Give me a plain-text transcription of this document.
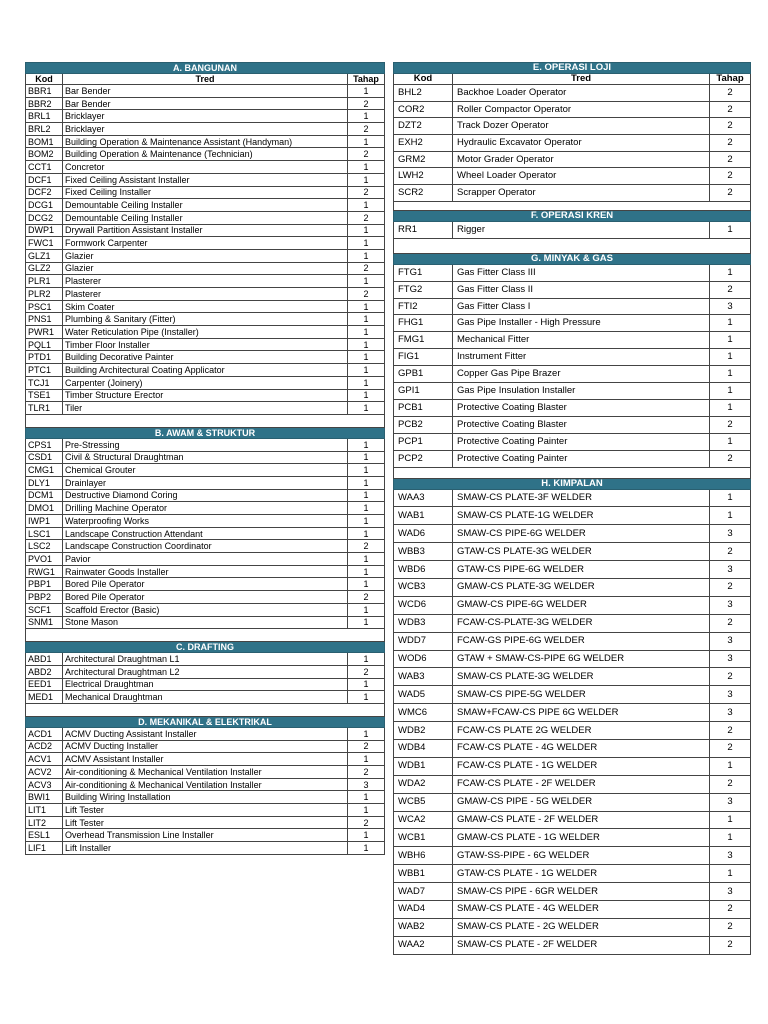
A. BANGUNAN		
Kod	Tred	Tahap
BBR1	Bar Bender	1
BBR2	Bar Bender	2
BRL1	Bricklayer	1
BRL2	Bricklayer	2
BOM1	Building Operation & Maintenance Assistant (Handyman)	1
BOM2	Building Operation & Maintenance (Technician)	2
CCT1	Concretor	1
DCF1	Fixed Ceiling Assistant Installer	1
DCF2	Fixed Ceiling Installer	2
DCG1	Demountable Ceiling Installer	1
DCG2	Demountable Ceiling Installer	2
DWP1	Drywall Partition Assistant Installer	1
FWC1	Formwork Carpenter	1
GLZ1	Glazier	1
GLZ2	Glazier	2
PLR1	Plasterer	1
PLR2	Plasterer	2
PSC1	Skim Coater	1
PNS1	Plumbing & Sanitary (Fitter)	1
PWR1	Water Reticulation Pipe (Installer)	1
PQL1	Timber Floor Installer	1
PTD1	Building Decorative Painter	1
PTC1	Building Architectural Coating Applicator	1
TCJ1	Carpenter (Joinery)	1
TSE1	Timber Structure Erector	1
TLR1	Tiler	1

B. AWAM & STRUKTUR		
CPS1	Pre-Stressing	1
CSD1	Civil & Structural Draughtman	1
CMG1	Chemical Grouter	1
DLY1	Drainlayer	1
DCM1	Destructive Diamond Coring	1
DMO1	Drilling Machine Operator	1
IWP1	Waterproofing Works	1
LSC1	Landscape Construction Attendant	1
LSC2	Landscape Construction Coordinator	2
PVO1	Pavior	1
RWG1	Rainwater Goods Installer	1
PBP1	Bored Pile Operator	1
PBP2	Bored Pile Operator	2
SCF1	Scaffold Erector (Basic)	1
SNM1	Stone Mason	1

C. DRAFTING		
ABD1	Architectural Draughtman L1	1
ABD2	Architectural Draughtman L2	2
EED1	Electrical Draughtman	1
MED1	Mechanical Draughtman	1

D. MEKANIKAL & ELEKTRIKAL		
ACD1	ACMV Ducting Assistant Installer	1
ACD2	ACMV Ducting Installer	2
ACV1	ACMV Assistant Installer	1
ACV2	Air-conditioning & Mechanical Ventilation Installer	2
ACV3	Air-conditioning & Mechanical Ventilation Installer	3
BWI1	Building Wiring Installation	1
LIT1	Lift Tester	1
LIT2	Lift Tester	2
ESL1	Overhead Transmission Line Installer	1
LIF1	Lift Installer	1
E. OPERASI LOJI		
Kod	Tred	Tahap
BHL2	Backhoe Loader Operator	2
COR2	Roller Compactor Operator	2
DZT2	Track Dozer Operator	2
EXH2	Hydraulic Excavator Operator	2
GRM2	Motor Grader Operator	2
LWH2	Wheel Loader Operator	2
SCR2	Scrapper Operator	2

F. OPERASI KREN		
RR1	Rigger	1

G. MINYAK & GAS		
FTG1	Gas Fitter Class III	1
FTG2	Gas Fitter Class II	2
FTI2	Gas Fitter Class I	3
FHG1	Gas Pipe Installer - High Pressure	1
FMG1	Mechanical Fitter	1
FIG1	Instrument Fitter	1
GPB1	Copper Gas Pipe Brazer	1
GPI1	Gas Pipe Insulation Installer	1
PCB1	Protective Coating Blaster	1
PCB2	Protective Coating Blaster	2
PCP1	Protective Coating Painter	1
PCP2	Protective Coating Painter	2

H. KIMPALAN		
WAA3	SMAW-CS PLATE-3F WELDER	1
WAB1	SMAW-CS PLATE-1G WELDER	1
WAD6	SMAW-CS PIPE-6G WELDER	3
WBB3	GTAW-CS PLATE-3G WELDER	2
WBD6	GTAW-CS PIPE-6G WELDER	3
WCB3	GMAW-CS PLATE-3G WELDER	2
WCD6	GMAW-CS PIPE-6G WELDER	3
WDB3	FCAW-CS-PLATE-3G WELDER	2
WDD7	FCAW-GS PIPE-6G WELDER	3
WOD6	GTAW + SMAW-CS-PIPE 6G WELDER	3
WAB3	SMAW-CS PLATE-3G WELDER	2
WAD5	SMAW-CS PIPE-5G WELDER	3
WMC6	SMAW+FCAW-CS PIPE 6G WELDER	3
WDB2	FCAW-CS PLATE 2G WELDER	2
WDB4	FCAW-CS PLATE - 4G WELDER	2
WDB1	FCAW-CS PLATE - 1G WELDER	1
WDA2	FCAW-CS PLATE - 2F WELDER	2
WCB5	GMAW-CS PIPE - 5G WELDER	3
WCA2	GMAW-CS PLATE - 2F WELDER	1
WCB1	GMAW-CS PLATE - 1G WELDER	1
WBH6	GTAW-SS-PIPE - 6G WELDER	3
WBB1	GTAW-CS PLATE - 1G WELDER	1
WAD7	SMAW-CS PIPE - 6GR WELDER	3
WAD4	SMAW-CS PLATE - 4G WELDER	2
WAB2	SMAW-CS PLATE - 2G WELDER	2
WAA2	SMAW-CS PLATE - 2F WELDER	2
